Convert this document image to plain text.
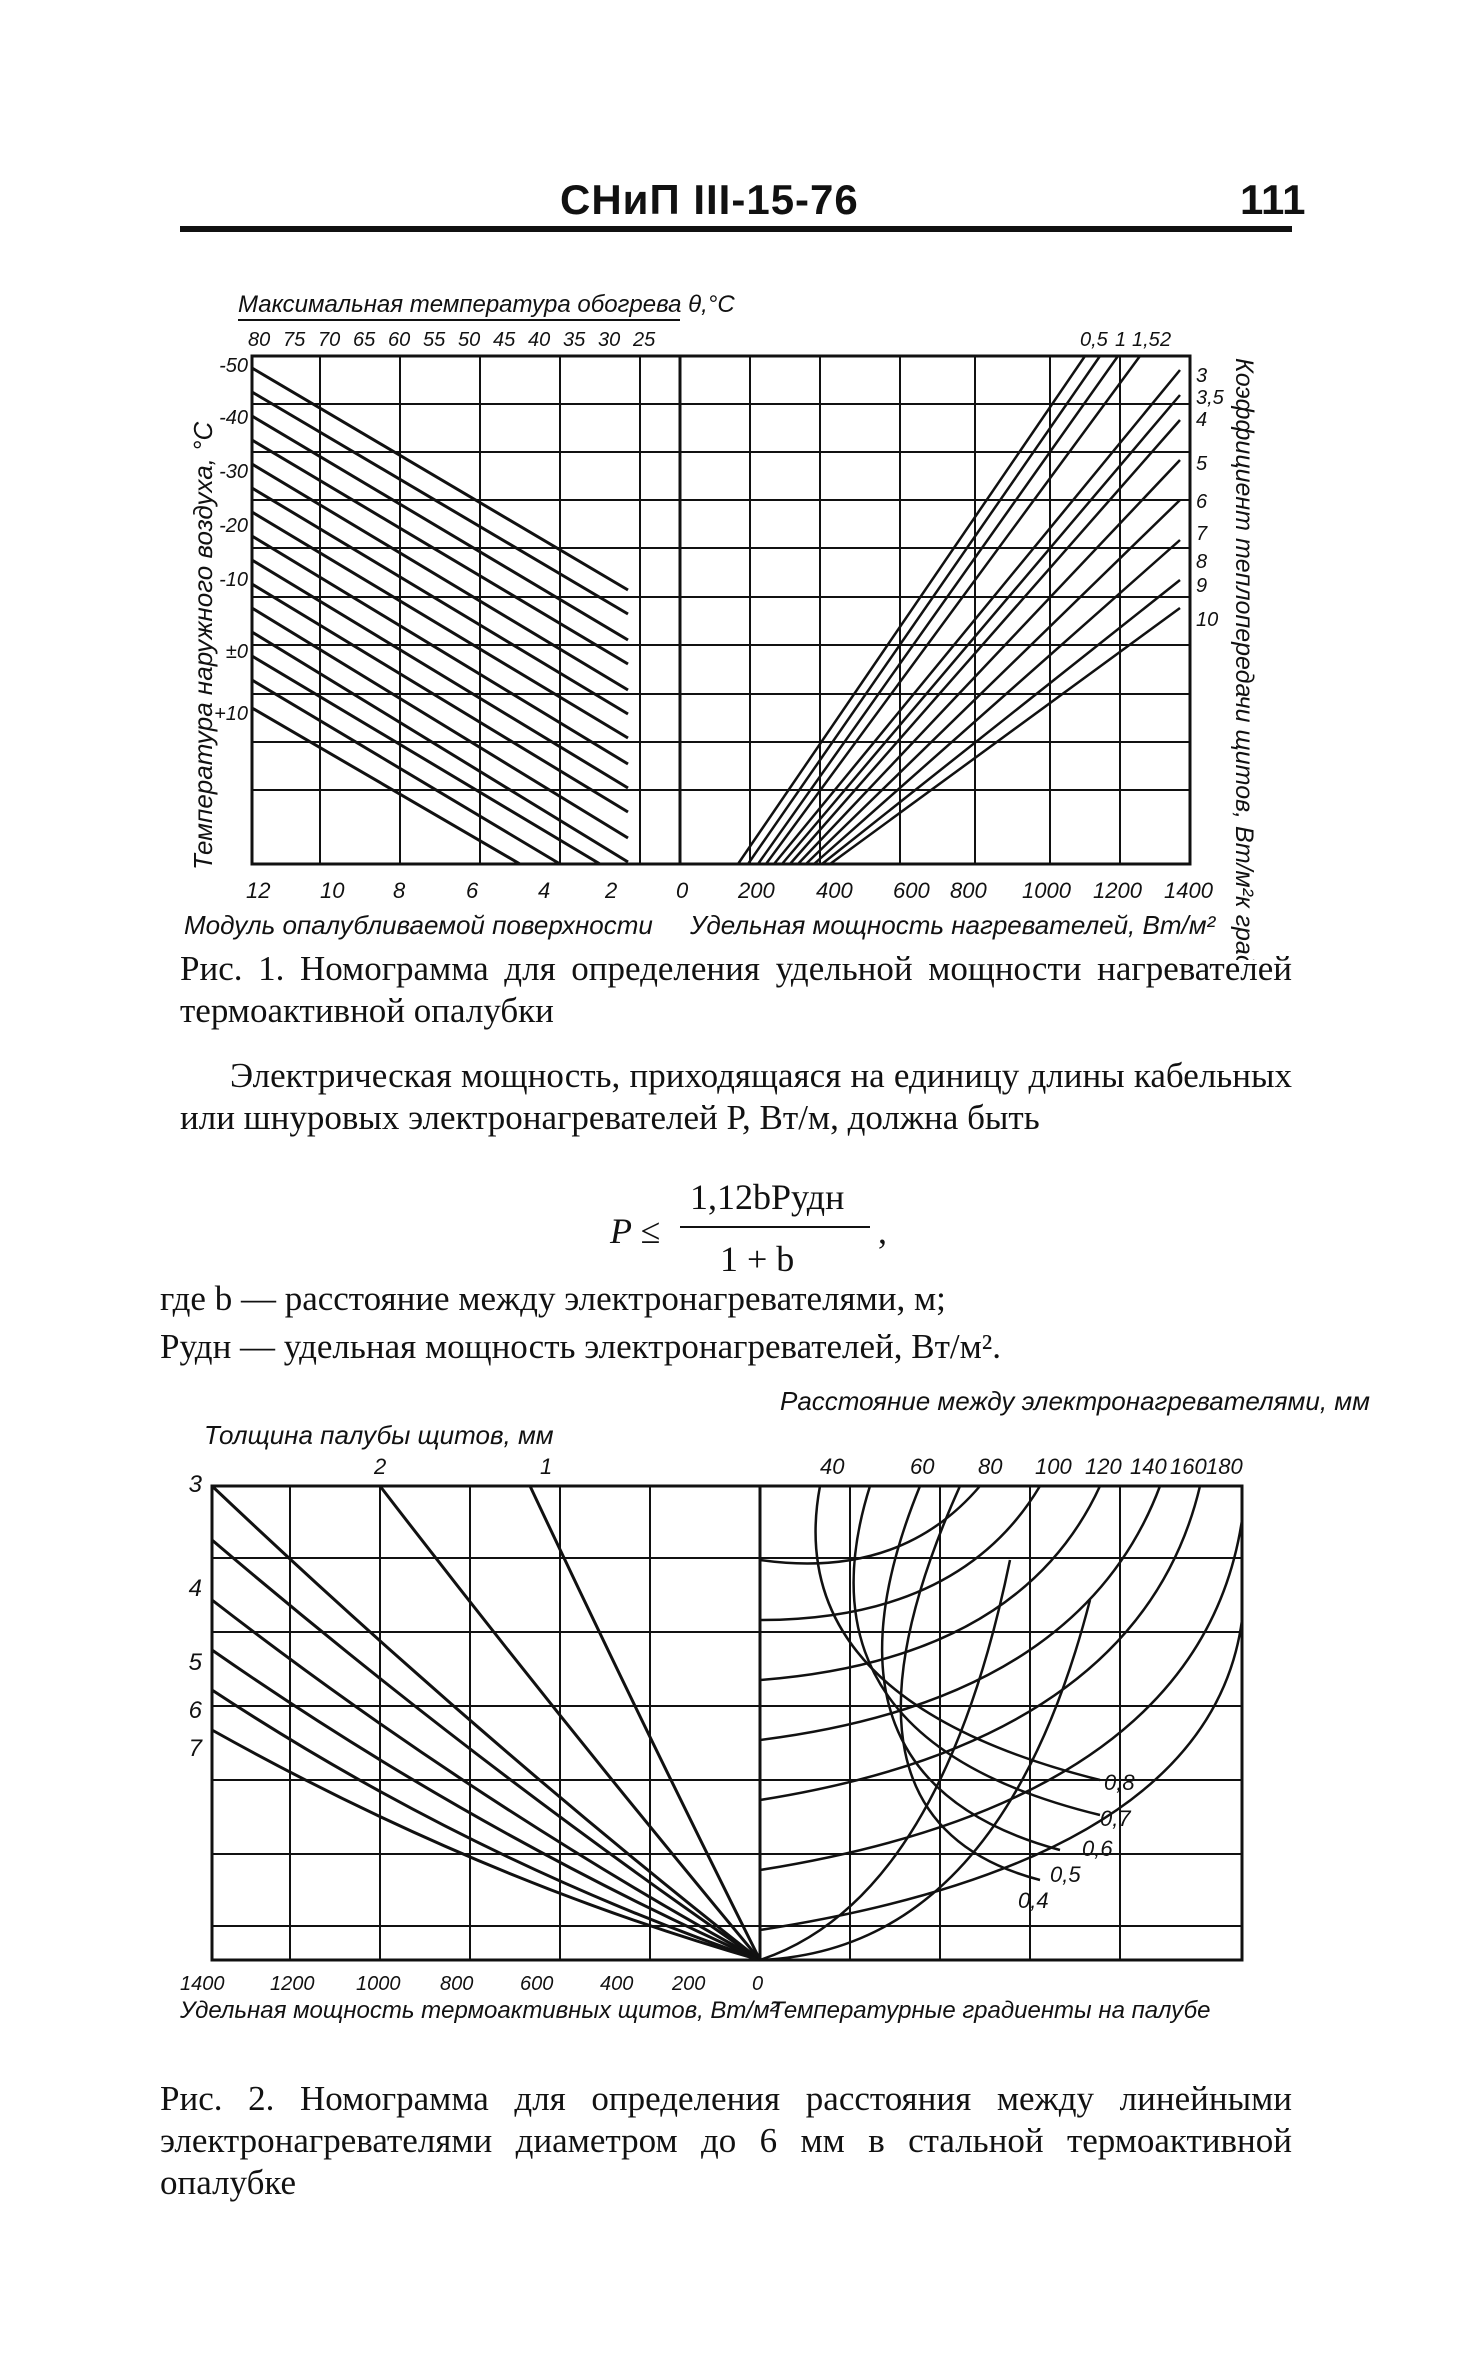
СНиП III-15-76	111
Максимальная температура обогрева θ,°С
80 75 70 65 60 55 50 45 40 35 30 25
-50
-40
-30
-20
-10
±0
+10
Температура наружного воздуха, °С
0,5 1 1,5 2
3
3,5
4
5
6
7
8
9
10 Коэффициент теплопередачи щитов, Вт/м²к град
12 10 8	6	4 2	0 200 400 600 800 1000 1200 1400
Модуль опалубливаемой поверхности Удельная мощность нагревателей, Вт/м²
Рис. 1. Номограмма для определения удельной мощности нагревателей термоактивной опалубки
Электрическая мощность, приходящаяся на единицу длины кабельных или шнуровых электронагревателей P, Вт/м, должна быть
P ≤
1,12bPудн
1 + b
,
где b — расстояние между электронагревателями, м;
Pудн — удельная мощность электронагревателей, Вт/м².
Толщина палубы щитов, мм
2	1
Расстояние между электронагревателями, мм
40	60 80 100 120 140 160 180
3
4
5
6
7
0,8
0,7
0,6
0,5
0,4
1400 1200 1000 800 600 400 200 0
Удельная мощность термоактивных щитов, Вт/м²
Температурные градиенты на палубе
Рис. 2. Номограмма для определения расстояния между линейными электронагревателями диаметром до 6 мм в стальной термоактивной опалубке
